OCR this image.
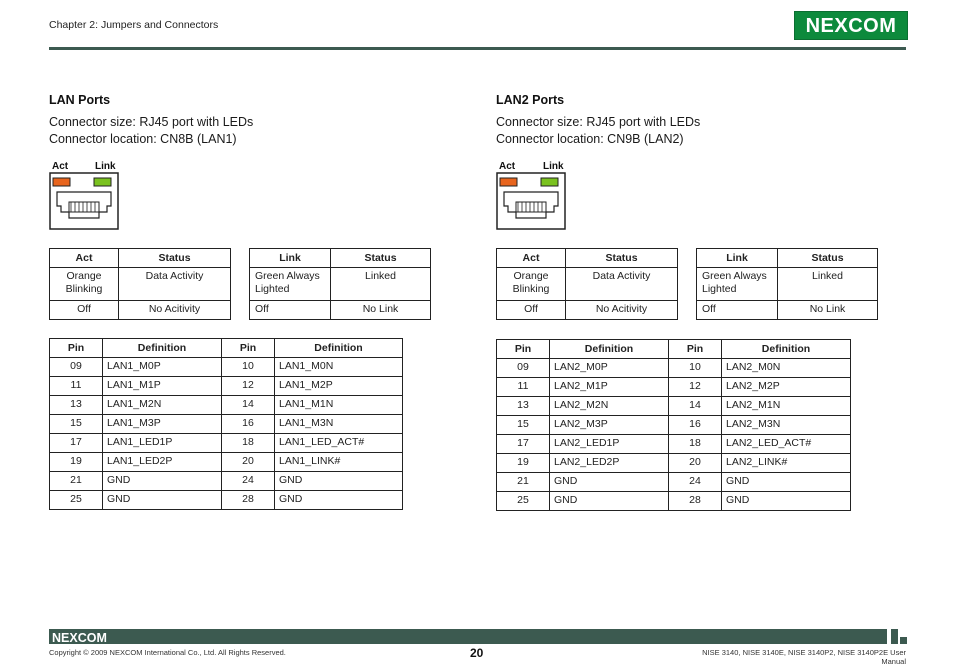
Chapter 2: Jumpers and Connectors	NEXCOM
LAN Ports
Connector size: RJ45 port with LEDs
Connector location: CN8B (LAN1)
Act	Link
Act	Status
Orange Blinking	Data Activity
Off	No Acitivity
Link	Status
Green Always Lighted	Linked
Off	No Link
Pin	Definition	Pin	Definition
09	LAN1_M0P	10	LAN1_M0N
11	LAN1_M1P	12	LAN1_M2P
13	LAN1_M2N	14	LAN1_M1N
15	LAN1_M3P	16	LAN1_M3N
17	LAN1_LED1P	18	LAN1_LED_ACT#
19	LAN1_LED2P	20	LAN1_LINK#
21	GND	24	GND
25	GND	28	GND
LAN2 Ports
Connector size: RJ45 port with LEDs
Connector location: CN9B (LAN2)
Act	Link
Act	Status
Orange Blinking	Data Activity
Off	No Acitivity
Link	Status
Green Always Lighted	Linked
Off	No Link
Pin	Definition	Pin	Definition
09	LAN2_M0P	10	LAN2_M0N
11	LAN2_M1P	12	LAN2_M2P
13	LAN2_M2N	14	LAN2_M1N
15	LAN2_M3P	16	LAN2_M3N
17	LAN2_LED1P	18	LAN2_LED_ACT#
19	LAN2_LED2P	20	LAN2_LINK#
21	GND	24	GND
25	GND	28	GND
NEXCOM
Copyright © 2009 NEXCOM International Co., Ltd. All Rights Reserved.	20	NISE 3140, NISE 3140E, NISE 3140P2, NISE 3140P2E User Manual
